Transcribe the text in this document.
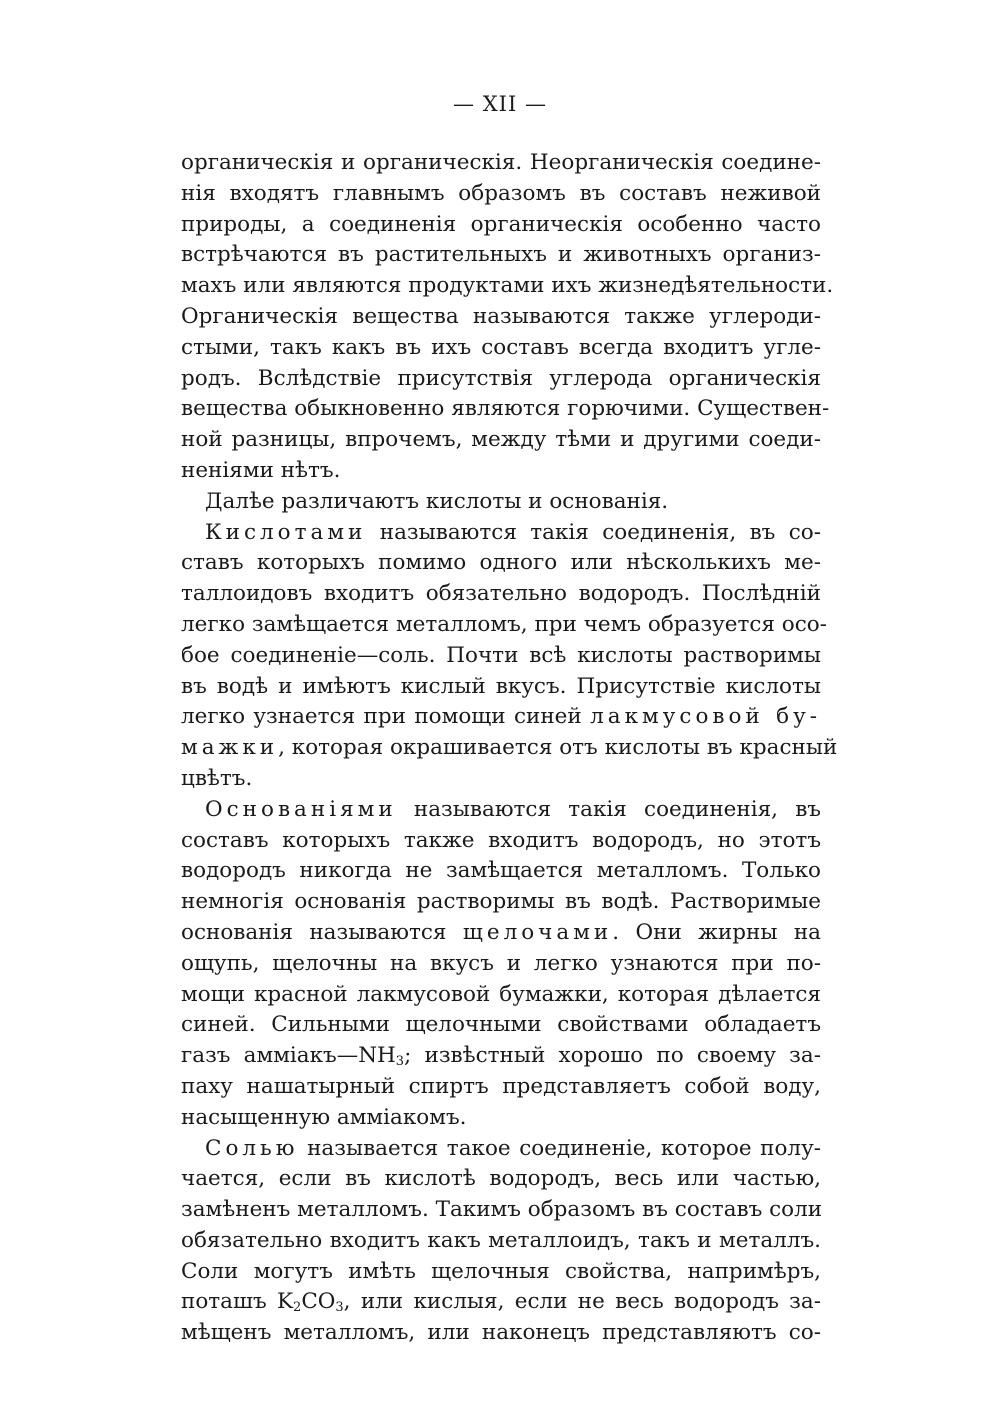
— XII —
органическія и органическія. Неорганическія соедине-
нія входятъ главнымъ образомъ въ составъ неживой
природы, а соединенія органическія особенно часто
встрѣчаются въ растительныхъ и животныхъ организ-
махъ или являются продуктами ихъ жизнедѣятельности.
Органическія вещества называются также углероди-
стыми, такъ какъ въ ихъ составъ всегда входитъ угле-
родъ. Вслѣдствіе присутствія углерода органическія
вещества обыкновенно являются горючими. Существен-
ной разницы, впрочемъ, между тѣми и другими соеди-
неніями нѣтъ.
Далѣе различаютъ кислоты и основанія.
Кислотами называются такія соединенія, въ со-
ставъ которыхъ помимо одного или нѣсколькихъ ме-
таллоидовъ входитъ обязательно водородъ. Послѣдній
легко замѣщается металломъ, при чемъ образуется осо-
бое соединеніе—соль. Почти всѣ кислоты растворимы
въ водѣ и имѣютъ кислый вкусъ. Присутствіе кислоты
легко узнается при помощи синей лакмусовой бу-
мажки, которая окрашивается отъ кислоты въ красный
цвѣтъ.
Основаніями называются такія соединенія, въ
составъ которыхъ также входитъ водородъ, но этотъ
водородъ никогда не замѣщается металломъ. Только
немногія основанія растворимы въ водѣ. Растворимые
основанія называются щелочами. Они жирны на
ощупь, щелочны на вкусъ и легко узнаются при по-
мощи красной лакмусовой бумажки, которая дѣлается
синей. Сильными щелочными свойствами обладаетъ
газъ $амміакъ—NH_3$; извѣстный хорошо по своему за-
паху нашатырный спиртъ представляетъ собой воду,
насыщенную амміакомъ.
Солью называется такое соединеніе, которое полу-
чается, если въ кислотѣ водородъ, весь или частью,
замѣненъ металломъ. Такимъ образомъ въ составъ соли
обязательно входитъ какъ металлоидъ, такъ и металлъ.
Соли могутъ имѣть щелочныя свойства, напримѣръ,
поташъ $K_2CO_3$, или кислыя, если не весь водородъ за-
мѣщенъ металломъ, или наконецъ представляютъ со-
